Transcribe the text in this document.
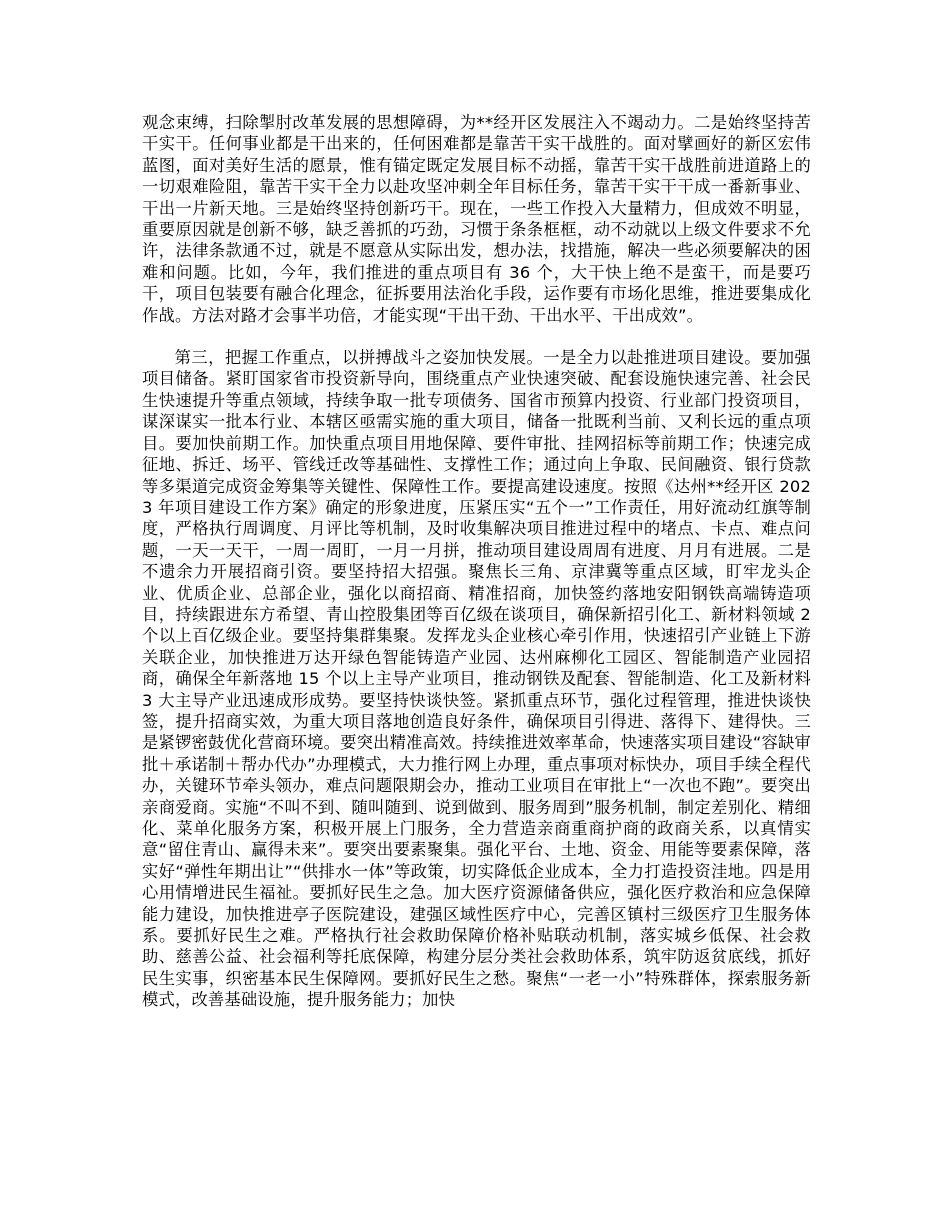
观念束缚，扫除掣肘改革发展的思想障碍，为**经开区发展注入不竭动力。二是始终坚持苦干实干。任何事业都是干出来的，任何困难都是靠苦干实干战胜的。面对擘画好的新区宏伟蓝图，面对美好生活的愿景，惟有锚定既定发展目标不动摇，靠苦干实干战胜前进道路上的一切艰难险阻，靠苦干实干全力以赴攻坚冲刺全年目标任务，靠苦干实干干成一番新事业、干出一片新天地。三是始终坚持创新巧干。现在，一些工作投入大量精力，但成效不明显，重要原因就是创新不够，缺乏善抓的巧劲，习惯于条条框框，动不动就以上级文件要求不允许，法律条款通不过，就是不愿意从实际出发，想办法，找措施，解决一些必须要解决的困难和问题。比如，今年，我们推进的重点项目有 36 个，大干快上绝不是蛮干，而是要巧干，项目包装要有融合化理念，征拆要用法治化手段，运作要有市场化思维，推进要集成化作战。方法对路才会事半功倍，才能实现“干出干劲、干出水平、干出成效”。

第三，把握工作重点，以拼搏战斗之姿加快发展。一是全力以赴推进项目建设。要加强项目储备。紧盯国家省市投资新导向，围绕重点产业快速突破、配套设施快速完善、社会民生快速提升等重点领域，持续争取一批专项债务、国省市预算内投资、行业部门投资项目，谋深谋实一批本行业、本辖区亟需实施的重大项目，储备一批既利当前、又利长远的重点项目。要加快前期工作。加快重点项目用地保障、要件审批、挂网招标等前期工作；快速完成征地、拆迁、场平、管线迁改等基础性、支撑性工作；通过向上争取、民间融资、银行贷款等多渠道完成资金筹集等关键性、保障性工作。要提高建设速度。按照《达州**经开区 2023 年项目建设工作方案》确定的形象进度，压紧压实“五个一”工作责任，用好流动红旗等制度，严格执行周调度、月评比等机制，及时收集解决项目推进过程中的堵点、卡点、难点问题，一天一天干，一周一周盯，一月一月拼，推动项目建设周周有进度、月月有进展。二是不遗余力开展招商引资。要坚持招大招强。聚焦长三角、京津冀等重点区域，盯牢龙头企业、优质企业、总部企业，强化以商招商、精准招商，加快签约落地安阳钢铁高端铸造项目，持续跟进东方希望、青山控股集团等百亿级在谈项目，确保新招引化工、新材料领域 2 个以上百亿级企业。要坚持集群集聚。发挥龙头企业核心牵引作用，快速招引产业链上下游关联企业，加快推进万达开绿色智能铸造产业园、达州麻柳化工园区、智能制造产业园招商，确保全年新落地 15 个以上主导产业项目，推动钢铁及配套、智能制造、化工及新材料 3 大主导产业迅速成形成势。要坚持快谈快签。紧抓重点环节，强化过程管理，推进快谈快签，提升招商实效，为重大项目落地创造良好条件，确保项目引得进、落得下、建得快。三是紧锣密鼓优化营商环境。要突出精准高效。持续推进效率革命，快速落实项目建设“容缺审批＋承诺制＋帮办代办”办理模式，大力推行网上办理，重点事项对标快办，项目手续全程代办，关键环节牵头领办，难点问题限期会办，推动工业项目在审批上“一次也不跑”。要突出亲商爱商。实施“不叫不到、随叫随到、说到做到、服务周到”服务机制，制定差别化、精细化、菜单化服务方案，积极开展上门服务，全力营造亲商重商护商的政商关系，以真情实意“留住青山、赢得未来”。要突出要素聚集。强化平台、土地、资金、用能等要素保障，落实好“弹性年期出让”“供排水一体”等政策，切实降低企业成本，全力打造投资洼地。四是用心用情增进民生福祉。要抓好民生之急。加大医疗资源储备供应，强化医疗救治和应急保障能力建设，加快推进亭子医院建设，建强区域性医疗中心，完善区镇村三级医疗卫生服务体系。要抓好民生之难。严格执行社会救助保障价格补贴联动机制，落实城乡低保、社会救助、慈善公益、社会福利等托底保障，构建分层分类社会救助体系，筑牢防返贫底线，抓好民生实事，织密基本民生保障网。要抓好民生之愁。聚焦“一老一小”特殊群体，探索服务新模式，改善基础设施，提升服务能力；加快
